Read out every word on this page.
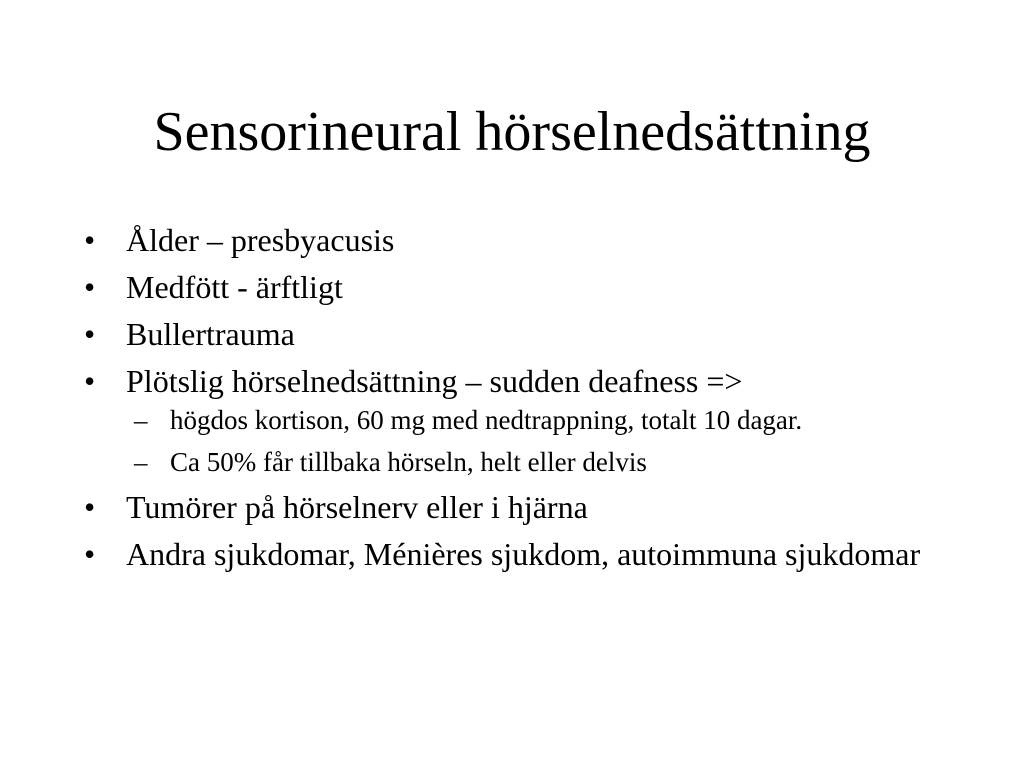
Sensorineural hörselnedsättning
• Ålder – presbyacusis
• Medfött - ärftligt
• Bullertrauma
• Plötslig hörselnedsättning – sudden deafness =>
– högdos kortison, 60 mg med nedtrappning, totalt 10 dagar.
– Ca 50% får tillbaka hörseln, helt eller delvis
• Tumörer på hörselnerv eller i hjärna
• Andra sjukdomar, Ménières sjukdom, autoimmuna sjukdomar
